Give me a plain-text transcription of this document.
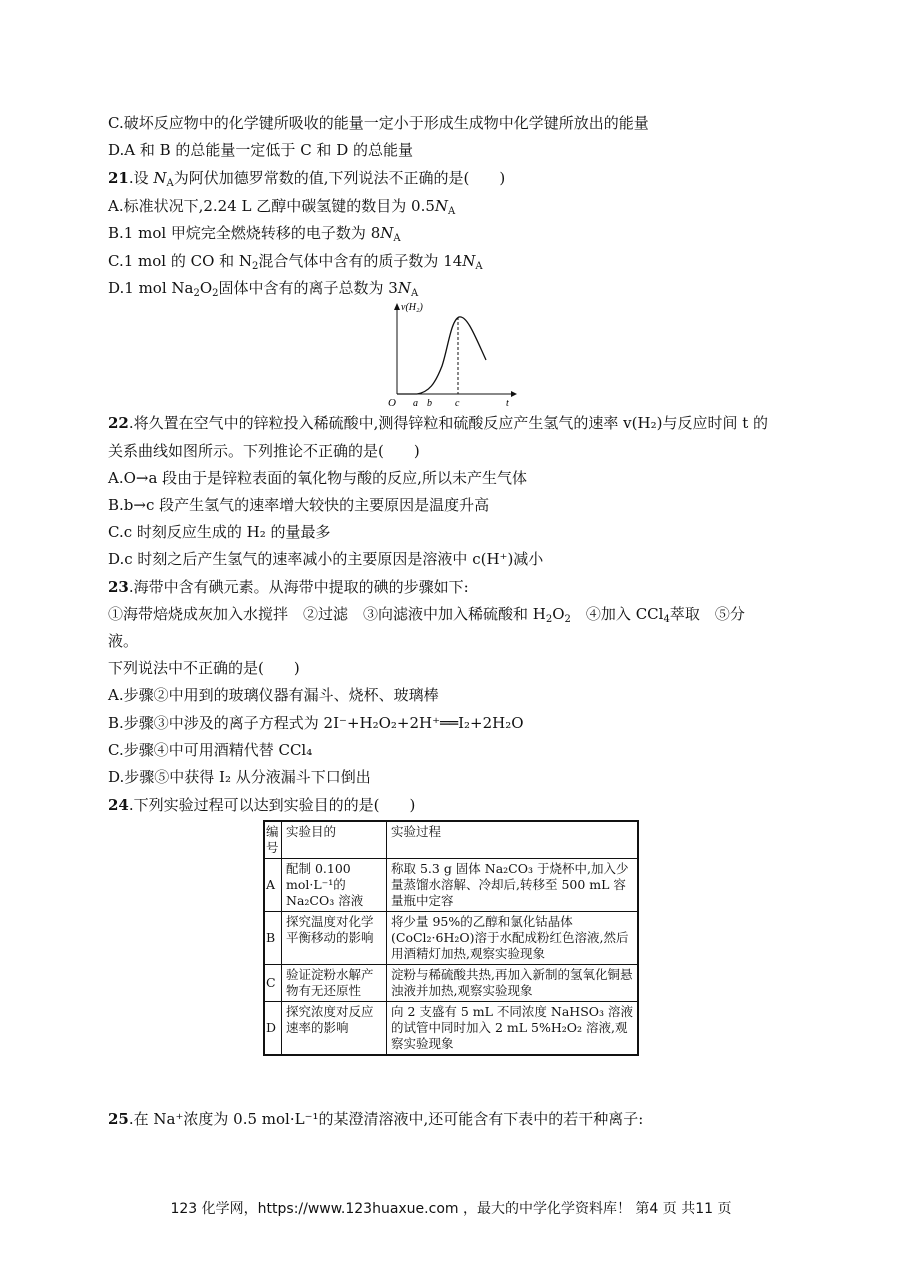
C.破坏反应物中的化学键所吸收的能量一定小于形成生成物中化学键所放出的能量
D.A 和 B 的总能量一定低于 C 和 D 的总能量
21.设 $N_A$为阿伏加德罗常数的值,下列说法不正确的是(　　)
A.标准状况下,2.24 L 乙醇中碳氢键的数目为 $0.5N_A$
B.1 mol 甲烷完全燃烧转移的电子数为 $8N_A$
C.1 mol 的 CO 和 $N_2$混合气体中含有的质子数为 $14N_A$
D.1 mol $Na_2O_2$固体中含有的离子总数为 $3N_A$
v(H₂)
O a b c	t
22.将久置在空气中的锌粒投入稀硫酸中,测得锌粒和硫酸反应产生氢气的速率 v(H₂)与反应时间 t 的
关系曲线如图所示。下列推论不正确的是(　　)
A.O→a 段由于是锌粒表面的氧化物与酸的反应,所以未产生气体
B.b→c 段产生氢气的速率增大较快的主要原因是温度升高
C.c 时刻反应生成的 H₂ 的量最多
D.c 时刻之后产生氢气的速率减小的主要原因是溶液中 c(H⁺)减小
23.海带中含有碘元素。从海带中提取的碘的步骤如下:
①海带焙烧成灰加入水搅拌　②过滤　③向滤液中加入稀硫酸和 $H_2O_2$　④加入 CCl$_4$萃取　⑤分
液。
下列说法中不正确的是(　　)
A.步骤②中用到的玻璃仪器有漏斗、烧杯、玻璃棒
B.步骤③中涉及的离子方程式为 2I⁻+H₂O₂+2H⁺══I₂+2H₂O
C.步骤④中可用酒精代替 CCl₄
D.步骤⑤中获得 I₂ 从分液漏斗下口倒出
24.下列实验过程可以达到实验目的的是(　　)
编号	实验目的	实验过程
A	配制 0.100 mol·L⁻¹的 Na₂CO₃ 溶液	称取 5.3 g 固体 Na₂CO₃ 于烧杯中,加入少量蒸馏水溶解、冷却后,转移至 500 mL 容量瓶中定容
B	探究温度对化学平衡移动的影响	将少量 95%的乙醇和氯化钴晶体(CoCl₂·6H₂O)溶于水配成粉红色溶液,然后用酒精灯加热,观察实验现象
C	验证淀粉水解产物有无还原性	淀粉与稀硫酸共热,再加入新制的氢氧化铜悬浊液并加热,观察实验现象
D	探究浓度对反应速率的影响	向 2 支盛有 5 mL 不同浓度 NaHSO₃ 溶液的试管中同时加入 2 mL 5%H₂O₂ 溶液,观察实验现象
25.在 Na⁺浓度为 0.5 mol·L⁻¹的某澄清溶液中,还可能含有下表中的若干种离子:
123 化学网，https://www.123huaxue.com ，最大的中学化学资料库！ 第4 页 共11 页
